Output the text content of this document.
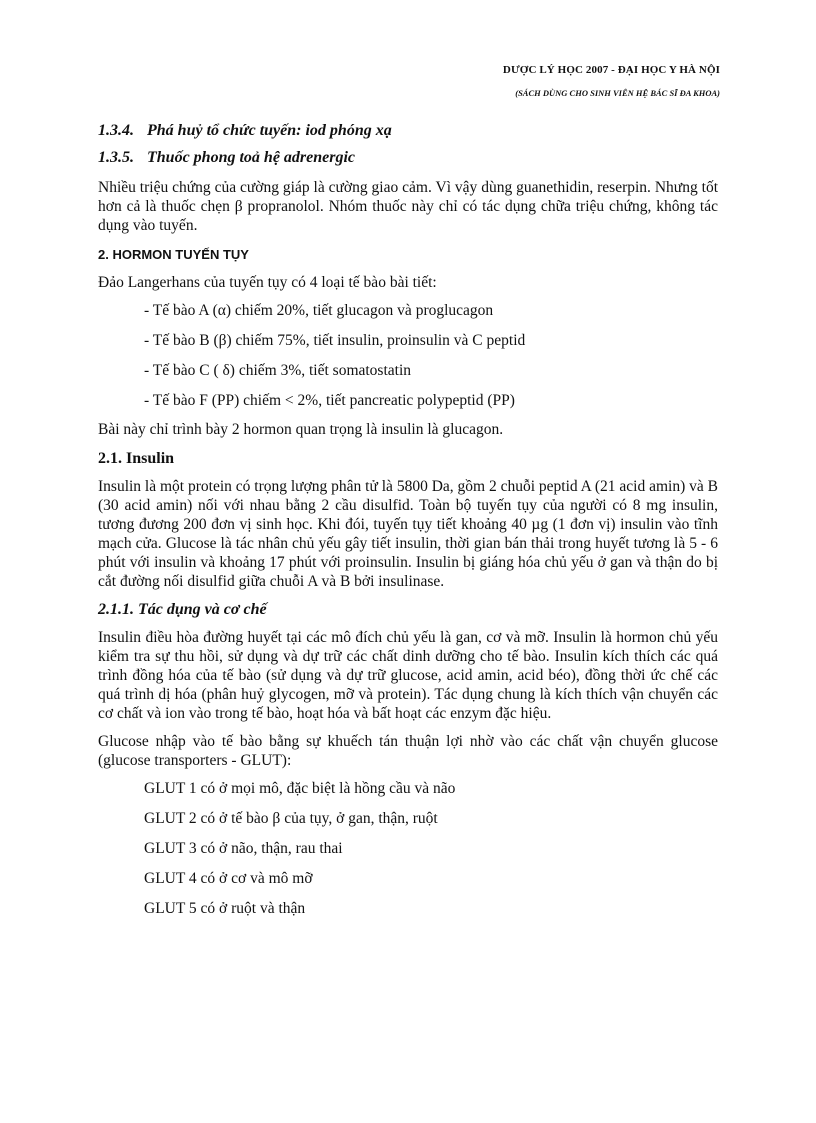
DƯỢC LÝ HỌC 2007 - ĐẠI HỌC Y HÀ NỘI
(SÁCH DÙNG CHO SINH VIÊN HỆ BÁC SĨ ĐA KHOA)

1.3.4. Phá huỷ tổ chức tuyến: iod phóng xạ

1.3.5. Thuốc phong toả hệ adrenergic

Nhiều triệu chứng của cường giáp là cường giao cảm. Vì vậy dùng guanethidin, reserpin. Nhưng tốt hơn cả là thuốc chẹn β propranolol. Nhóm thuốc này chỉ có tác dụng chữa triệu chứng, không tác dụng vào tuyến.

2. HORMON TUYẾN TỤY

Đảo Langerhans của tuyến tụy có 4 loại tế bào bài tiết:

- Tế bào A (α) chiếm 20%, tiết glucagon và proglucagon

- Tế bào B (β) chiếm 75%, tiết insulin, proinsulin và C peptid

- Tế bào C ( δ) chiếm 3%, tiết somatostatin

- Tế bào F (PP) chiếm < 2%, tiết pancreatic polypeptid (PP)

Bài này chỉ trình bày 2 hormon quan trọng là insulin là glucagon.

2.1. Insulin

Insulin là một protein có trọng lượng phân tử là 5800 Da, gồm 2 chuỗi peptid A (21 acid amin) và B (30 acid amin) nối với nhau bằng 2 cầu disulfid. Toàn bộ tuyến tụy của người có 8 mg insulin, tương đương 200 đơn vị sinh học. Khi đói, tuyến tụy tiết khoảng 40 µg (1 đơn vị) insulin vào tĩnh mạch cửa. Glucose là tác nhân chủ yếu gây tiết insulin, thời gian bán thải trong huyết tương là 5 - 6 phút với insulin và khoảng 17 phút với proinsulin. Insulin bị giáng hóa chủ yếu ở gan và thận do bị cắt đường nối disulfid giữa chuỗi A và B bởi insulinase.

2.1.1. Tác dụng và cơ chế

Insulin điều hòa đường huyết tại các mô đích chủ yếu là gan, cơ và mỡ. Insulin là hormon chủ yếu kiểm tra sự thu hồi, sử dụng và dự trữ các chất dinh dưỡng cho tế bào. Insulin kích thích các quá trình đồng hóa của tế bào (sử dụng và dự trữ glucose, acid amin, acid béo), đồng thời ức chế các quá trình dị hóa (phân huỷ glycogen, mỡ và protein). Tác dụng chung là kích thích vận chuyển các cơ chất và ion vào trong tế bào, hoạt hóa và bất hoạt các enzym đặc hiệu.

Glucose nhập vào tế bào bằng sự khuếch tán thuận lợi nhờ vào các chất vận chuyển glucose (glucose transporters - GLUT):

GLUT 1 có ở mọi mô, đặc biệt là hồng cầu và não

GLUT 2 có ở tế bào β của tụy, ở gan, thận, ruột

GLUT 3 có ở não, thận, rau thai

GLUT 4 có ở cơ và mô mỡ

GLUT 5 có ở ruột và thận
